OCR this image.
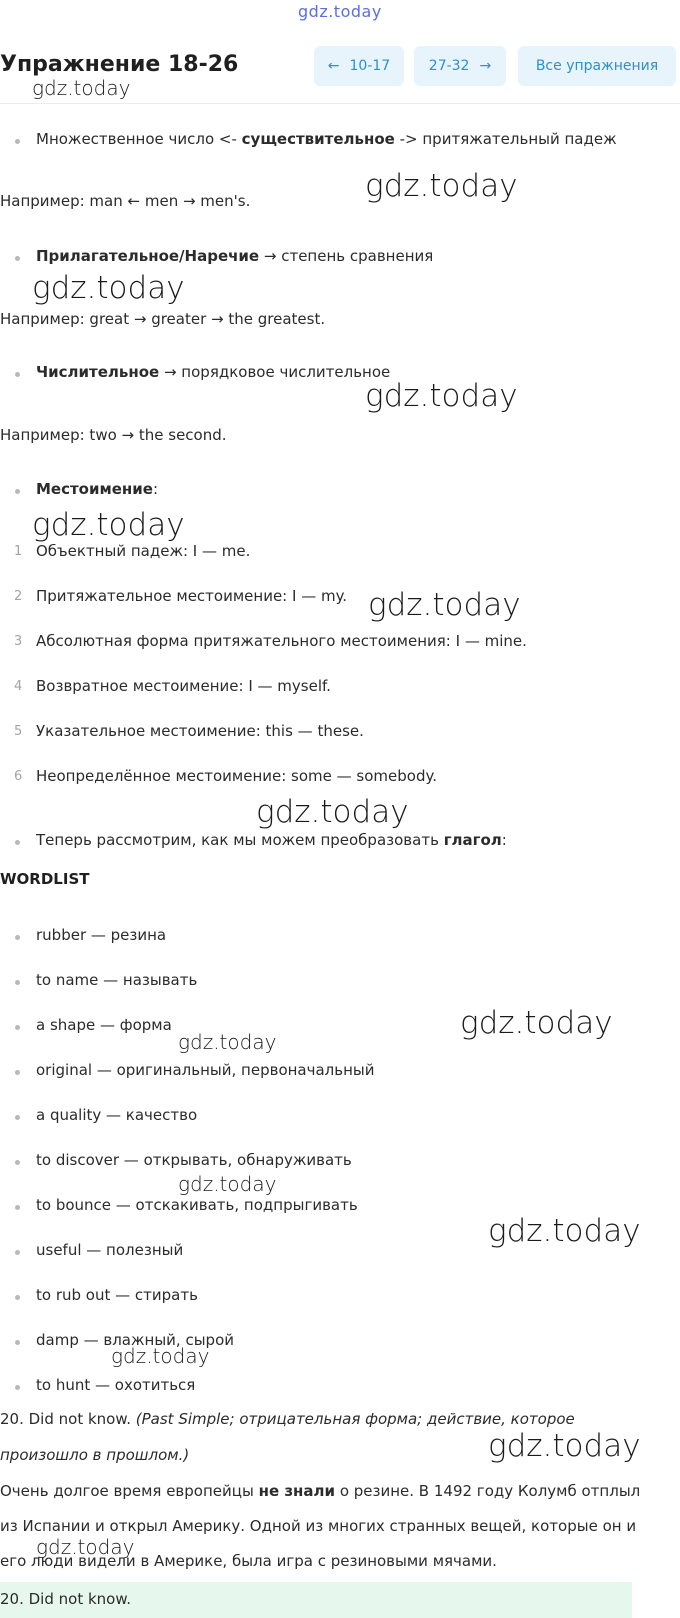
gdz.today
Упражнение 18-26	← 10-17	27-32 →	Все упражнения
Множественное число <- существительное -> притяжательный падеж
Например: man ← men → men's.
Прилагательное/Наречие → степень сравнения
Например: great → greater → the greatest.
Числительное → порядковое числительное
Например: two → the second.
Местоимение:
1 Объектный падеж: I — me.
2 Притяжательное местоимение: I — my.
3 Абсолютная форма притяжательного местоимения: I — mine.
4 Возвратное местоимение: I — myself.
5 Указательное местоимение: this — these.
6 Неопределённое местоимение: some — somebody.
Теперь рассмотрим, как мы можем преобразовать глагол:
WORDLIST
rubber — резина
to name — называть
a shape — форма
original — оригинальный, первоначальный
a quality — качество
to discover — открывать, обнаруживать
to bounce — отскакивать, подпрыгивать
useful — полезный
to rub out — стирать
damp — влажный, сырой
to hunt — охотиться
20. Did not know. (Past Simple; отрицательная форма; действие, которое
произошло в прошлом.)
Очень долгое время европейцы не знали о резине. В 1492 году Колумб отплыл
из Испании и открыл Америку. Одной из многих странных вещей, которые он и
его люди видели в Америке, была игра с резиновыми мячами.
20. Did not know.
gdz.today
gdz.today
gdz.today
gdz.today
gdz.today
gdz.today
gdz.today
gdz.today
gdz.today
gdz.today
gdz.today
gdz.today
gdz.today
gdz.today
